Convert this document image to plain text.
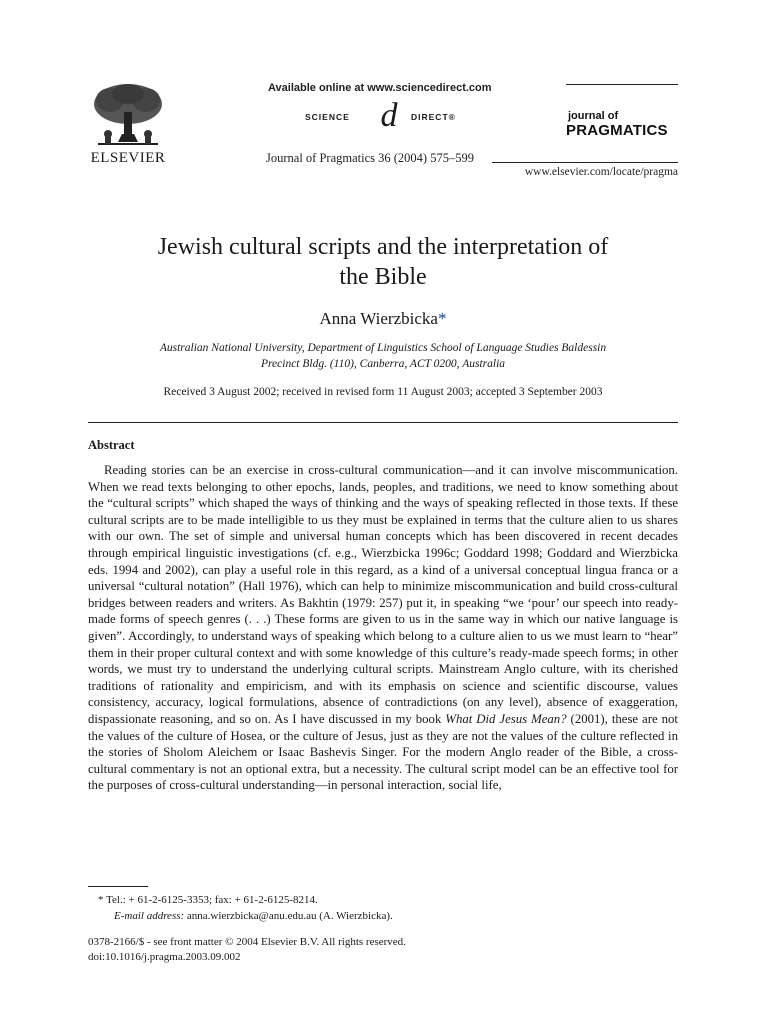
ELSEVIER
Available online at www.sciencedirect.com
SCIENCE d	DIRECT®
Journal of Pragmatics 36 (2004) 575–599
journal of
PRAGMATICS
www.elsevier.com/locate/pragma
Jewish cultural scripts and the interpretation of
the Bible
Anna Wierzbicka*
Australian National University, Department of Linguistics School of Language Studies Baldessin
Precinct Bldg. (110), Canberra, ACT 0200, Australia
Received 3 August 2002; received in revised form 11 August 2003; accepted 3 September 2003
Abstract

Reading stories can be an exercise in cross-cultural communication—and it can involve miscommunication. When we read texts belonging to other epochs, lands, peoples, and traditions, we need to know something about the “cultural scripts” which shaped the ways of thinking and the ways of speaking reflected in those texts. If these cultural scripts are to be made intelligible to us they must be explained in terms that the culture alien to us shares with our own. The set of simple and universal human concepts which has been discovered in recent decades through empirical linguistic investigations (cf. e.g., Wierzbicka 1996c; Goddard 1998; Goddard and Wierzbicka eds. 1994 and 2002), can play a useful role in this regard, as a kind of a universal conceptual lingua franca or a universal “cultural notation” (Hall 1976), which can help to minimize miscommunication and build cross-cultural bridges between readers and writers. As Bakhtin (1979: 257) put it, in speaking “we ‘pour’ our speech into ready-made forms of speech genres (. . .) These forms are given to us in the same way in which our native language is given”. Accordingly, to understand ways of speaking which belong to a culture alien to us we must learn to “hear” them in their proper cultural context and with some knowledge of this culture’s ready-made speech forms; in other words, we must try to understand the underlying cultural scripts. Mainstream Anglo culture, with its cherished traditions of rationality and empiricism, and with its emphasis on science and scientific discourse, values consistency, accuracy, logical formulations, absence of contradictions (on any level), absence of exaggeration, dispassionate reasoning, and so on. As I have discussed in my book What Did Jesus Mean? (2001), these are not the values of the culture of Hosea, or the culture of Jesus, just as they are not the values of the culture reflected in the stories of Sholom Aleichem or Isaac Bashevis Singer. For the modern Anglo reader of the Bible, a cross-cultural commentary is not an optional extra, but a necessity. The cultural script model can be an effective tool for the purposes of cross-cultural understanding—in personal interaction, social life,

* Tel.: + 61-2-6125-3353; fax: + 61-2-6125-8214.
E-mail address: anna.wierzbicka@anu.edu.au (A. Wierzbicka).
0378-2166/$ - see front matter © 2004 Elsevier B.V. All rights reserved.
doi:10.1016/j.pragma.2003.09.002
